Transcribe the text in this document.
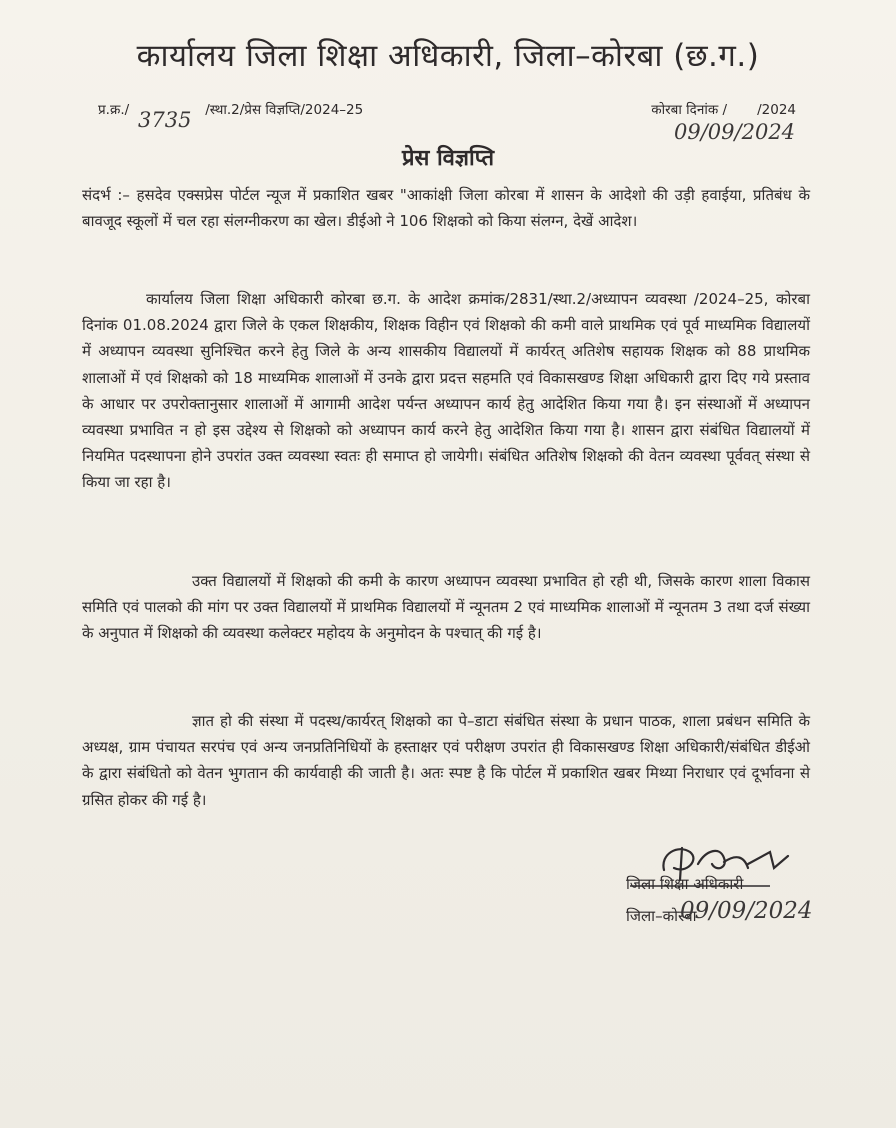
कार्यालय जिला शिक्षा अधिकारी, जिला–कोरबा (छ.ग.)
प्र.क्र./	/स्था.2/प्रेस विज्ञप्ति/2024–25	कोरबा दिनांक /       /2024
3735	09/09/2024
प्रेस विज्ञप्ति
संदर्भ :– हसदेव एक्सप्रेस पोर्टल न्यूज में प्रकाशित खबर "आकांक्षी जिला कोरबा में शासन के आदेशो की उड़ी हवाईया, प्रतिबंध के बावजूद स्कूलों में चल रहा संलग्नीकरण का खेल। डीईओ ने 106 शिक्षको को किया संलग्न, देखें आदेश।
कार्यालय जिला शिक्षा अधिकारी कोरबा छ.ग. के आदेश क्रमांक/2831/स्था.2/अध्यापन व्यवस्था /2024–25, कोरबा दिनांक 01.08.2024 द्वारा जिले के एकल शिक्षकीय, शिक्षक विहीन एवं शिक्षको की कमी वाले प्राथमिक एवं पूर्व माध्यमिक विद्यालयों में अध्यापन व्यवस्था सुनिश्चित करने हेतु जिले के अन्य शासकीय विद्यालयों में कार्यरत् अतिशेष सहायक शिक्षक को 88 प्राथमिक शालाओं में एवं शिक्षको को 18 माध्यमिक शालाओं में उनके द्वारा प्रदत्त सहमति एवं विकासखण्ड शिक्षा अधिकारी द्वारा दिए गये प्रस्ताव के आधार पर उपरोक्तानुसार शालाओं में आगामी आदेश पर्यन्त अध्यापन कार्य हेतु आदेशित किया गया है। इन संस्थाओं में अध्यापन व्यवस्था प्रभावित न हो इस उद्देश्य से शिक्षको को अध्यापन कार्य करने हेतु आदेशित किया गया है। शासन द्वारा संबंधित विद्यालयों में नियमित पदस्थापना होने उपरांत उक्त व्यवस्था स्वतः ही समाप्त हो जायेगी। संबंधित अतिशेष शिक्षको की वेतन व्यवस्था पूर्ववत् संस्था से किया जा रहा है।
उक्त विद्यालयों में शिक्षको की कमी के कारण अध्यापन व्यवस्था प्रभावित हो रही थी, जिसके कारण शाला विकास समिति एवं पालको की मांग पर उक्त विद्यालयों में प्राथमिक विद्यालयों में न्यूनतम 2 एवं माध्यमिक शालाओं में न्यूनतम 3 तथा दर्ज संख्या के अनुपात में शिक्षको की व्यवस्था कलेक्टर महोदय के अनुमोदन के पश्चात् की गई है।
ज्ञात हो की संस्था में पदस्थ/कार्यरत् शिक्षको का पे–डाटा संबंधित संस्था के प्रधान पाठक, शाला प्रबंधन समिति के अध्यक्ष, ग्राम पंचायत सरपंच एवं अन्य जनप्रतिनिधियों के हस्ताक्षर एवं परीक्षण उपरांत ही विकासखण्ड शिक्षा अधिकारी/संबंधित डीईओ के द्वारा संबंधितो को वेतन भुगतान की कार्यवाही की जाती है। अतः स्पष्ट है कि पोर्टल में प्रकाशित खबर मिथ्या निराधार एवं दूर्भावना से ग्रसित होकर की गई है।
जिला शिक्षा अधिकारी
जिला–कोरबा
09/09/2024
